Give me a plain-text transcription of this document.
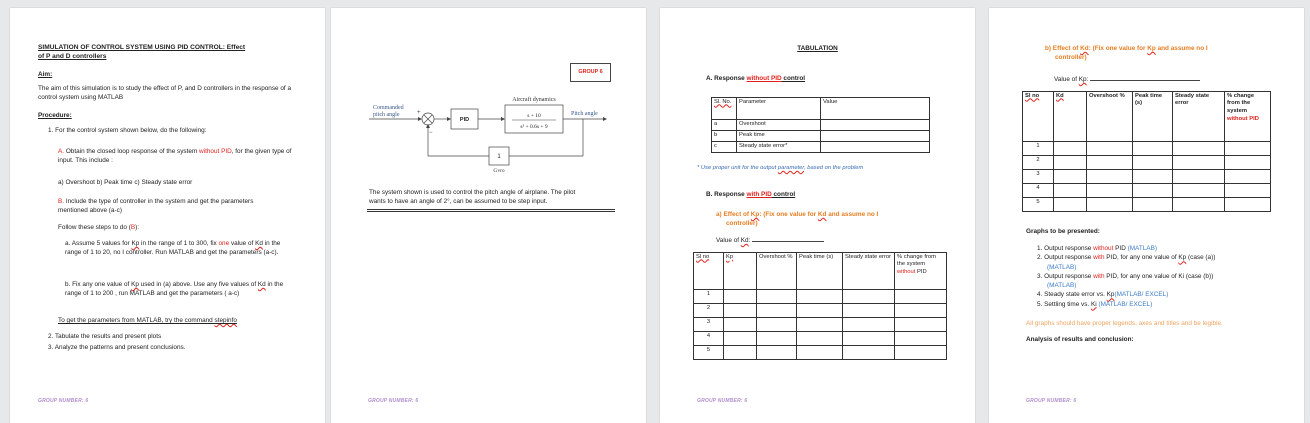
SIMULATION OF CONTROL SYSTEM USING PID CONTROL: Effect
of P and D controllers
Aim:
The aim of this simulation is to study the effect of P, and D controllers in the response of a control system using MATLAB
Procedure:
1. For the control system shown below, do the following:
A. Obtain the closed loop response of the system without PID, for the given type of input. This include :
a) Overshoot b) Peak time c) Steady state error
B. Include the type of controller in the system and get the parameters mentioned above (a-c)
Follow these steps to do (B):
a. Assume 5 values for Kp in the range of 1 to 300, fix one value of Kd in the range of 1 to 20, no I controller. Run MATLAB and get the parameters (a-c).
b. Fix any one value of Kp used in (a) above. Use any five values of Kd in the range of 1 to 200 , run MATLAB and get the parameters ( a-c)
To get the parameters from MATLAB, try the command stepinfo
2. Tabulate the results and present plots
3. Analyze the patterns and present conclusions.
GROUP NUMBER: 6
GROUP 6
Commanded
pitch angle	+
−
PID
Aircraft dynamics
s + 10
s² + 0.6s + 9
Pitch angle
1
Gyro
The system shown is used to control the pitch angle of airplane. The pilot
wants to have an angle of 2°, can be assumed to be step input.
GROUP NUMBER: 6
TABULATION
A. Response without PID control
Sl. No.	Parameter	Value
a	Overshoot	
b	Peak time	
c	Steady state error*	
* Use proper unit for the output parameter, based on the problem
B. Response with PID control
a) Effect of Kp: (Fix one value for Kd and assume no I
controller)
Value of Kd:
Sl no	Kp	Overshoot %	Peak time (s)	Steady state error	% change from the system without PID
1					
2					
3					
4					
5					
GROUP NUMBER: 6
b) Effect of Kd: (Fix one value for Kp and assume no I
controller)
Value of Kp:
Sl no	Kd	Overshoot %	Peak time (s)	Steady state error	% change from the system without PID
1					
2					
3					
4					
5					
Graphs to be presented:
1. Output response without PID (MATLAB)
2. Output response with PID, for any one value of Kp (case (a))
(MATLAB)
3. Output response with PID, for any one value of Ki (case (b))
(MATLAB)
4. Steady state error vs. Kp(MATLAB/ EXCEL)
5. Settling time vs. Ki (MATLAB/ EXCEL)
All graphs should have proper legends, axes and titles and be legible.
Analysis of results and conclusion:
GROUP NUMBER: 6
